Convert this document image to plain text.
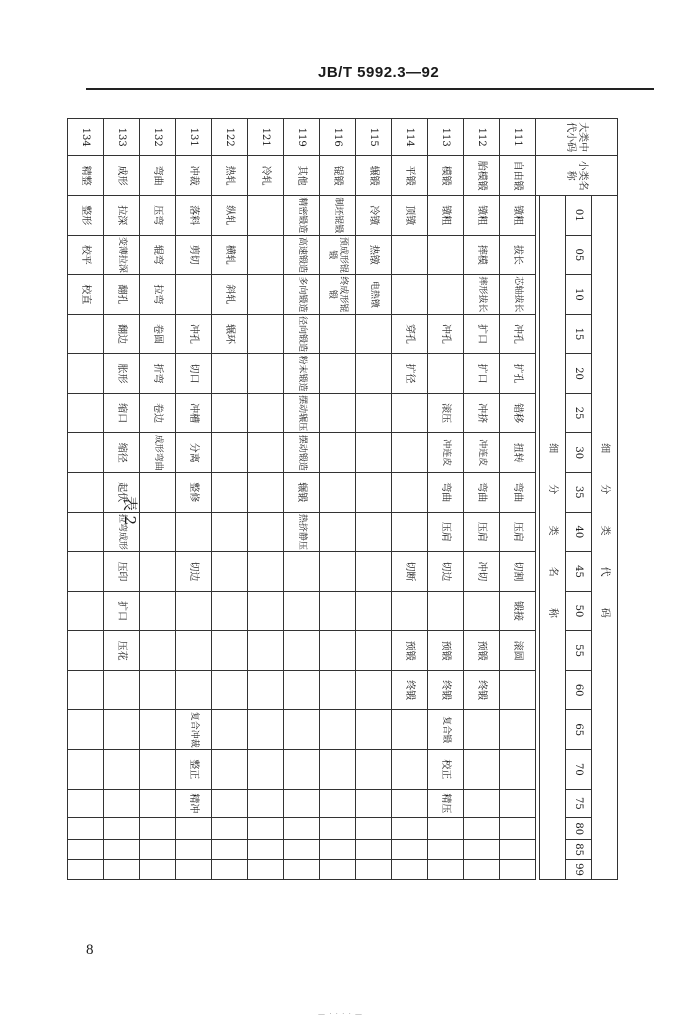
JB/T 5992.3—92
表 2
大类中代小码	小类名称	细 分 类 代 码																		
		01	05	10	15	20	25	30	35	40	45	50	55	60	65	70	75	80	85	99
		细 分 类 名 称																		

111	自由锻	镦粗	拔长	芯轴拔长	冲孔	扩孔	错移	扭转	弯曲	压肩	切割	锻接	滚圆							
112	胎模锻	镦粗	摔模	摔形拔长	扩口	扩口	冲挤	冲连皮	弯曲	压肩	冲切		预锻	终锻						
113	模锻	镦粗			冲孔		滚压	冲连皮	弯曲	压肩	切边		预锻	终锻	复合锻	校正	精压			
114	平锻	顶镦			穿孔	扩径					切断		预锻	终锻						
115	辗锻	冷镦	热镦	电热镦																
116	锟锻	制坯锟锻	预成形锟锻	终成形锟锻																
119	其他	精密锻造	高速锻造	多向锻造	径向锻造	粉末锻造	摆动辗压	摆动锻造	辗锻	热挤静压										
121	冷轧																			
122	热轧	纵轧	横轧	斜轧	辗环															
131	冲裁	落料	剪切		冲孔	切口	冲槽	分离	整修		切边				复合冲裁	整正	精冲			
132	弯曲	压弯	辊弯	拉弯	卷圆	折弯	卷边	成形弯曲												
133	成形	拉深	变薄拉深	翻孔	翻边	胀形	缩口	缩径	起伏	拉弯成形	压印	扩口	压花							
134	精整	整形	校平	校直																
8
— · · · · —
